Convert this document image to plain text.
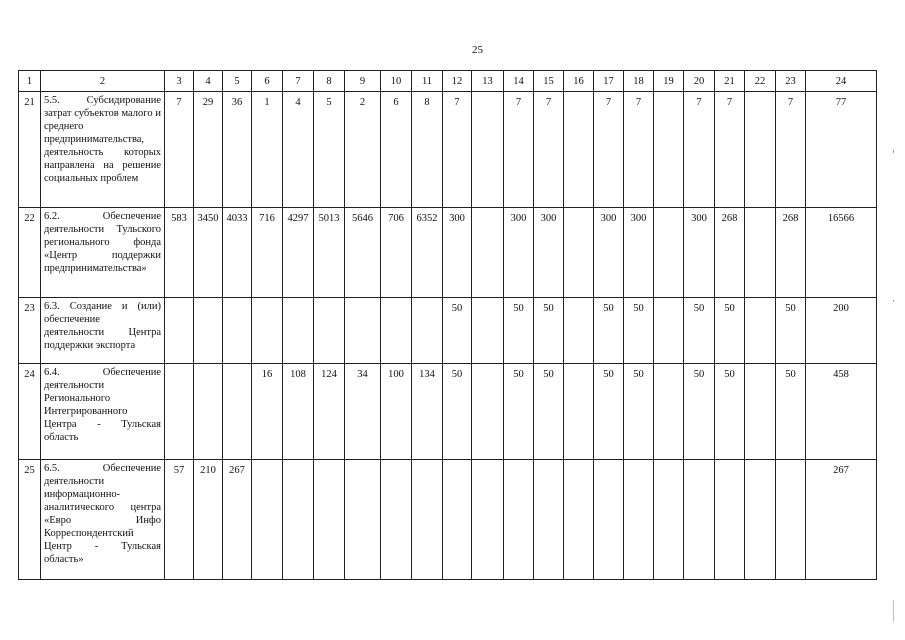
25
1	2	3	4	5	6	7	8	9	10	11	12	13	14	15	16	17	18	19	20	21	22	23	24
21	5.5. Субсидирование затрат субъектов малого и среднего предпринимательства, деятельность которых направлена на решение социальных проблем	7	29	36	1	4	5	2	6	8	7		7	7		7	7		7	7		7	77
22	6.2. Обеспечение деятельности Тульского регионального фонда «Центр поддержки предпринимательства»	583	3450	4033	716	4297	5013	5646	706	6352	300		300	300		300	300		300	268		268	16566
23	6.3. Создание и (или) обеспечение деятельности Центра поддержки экспорта										50		50	50		50	50		50	50		50	200
24	6.4. Обеспечение деятельности Регионального Интегрированного Центра - Тульская область				16	108	124	34	100	134	50		50	50		50	50		50	50		50	458
25	6.5. Обеспечение деятельности информационно-аналитического центра «Евро Инфо Корреспондентский Центр - Тульская область»	57	210	267																			267
